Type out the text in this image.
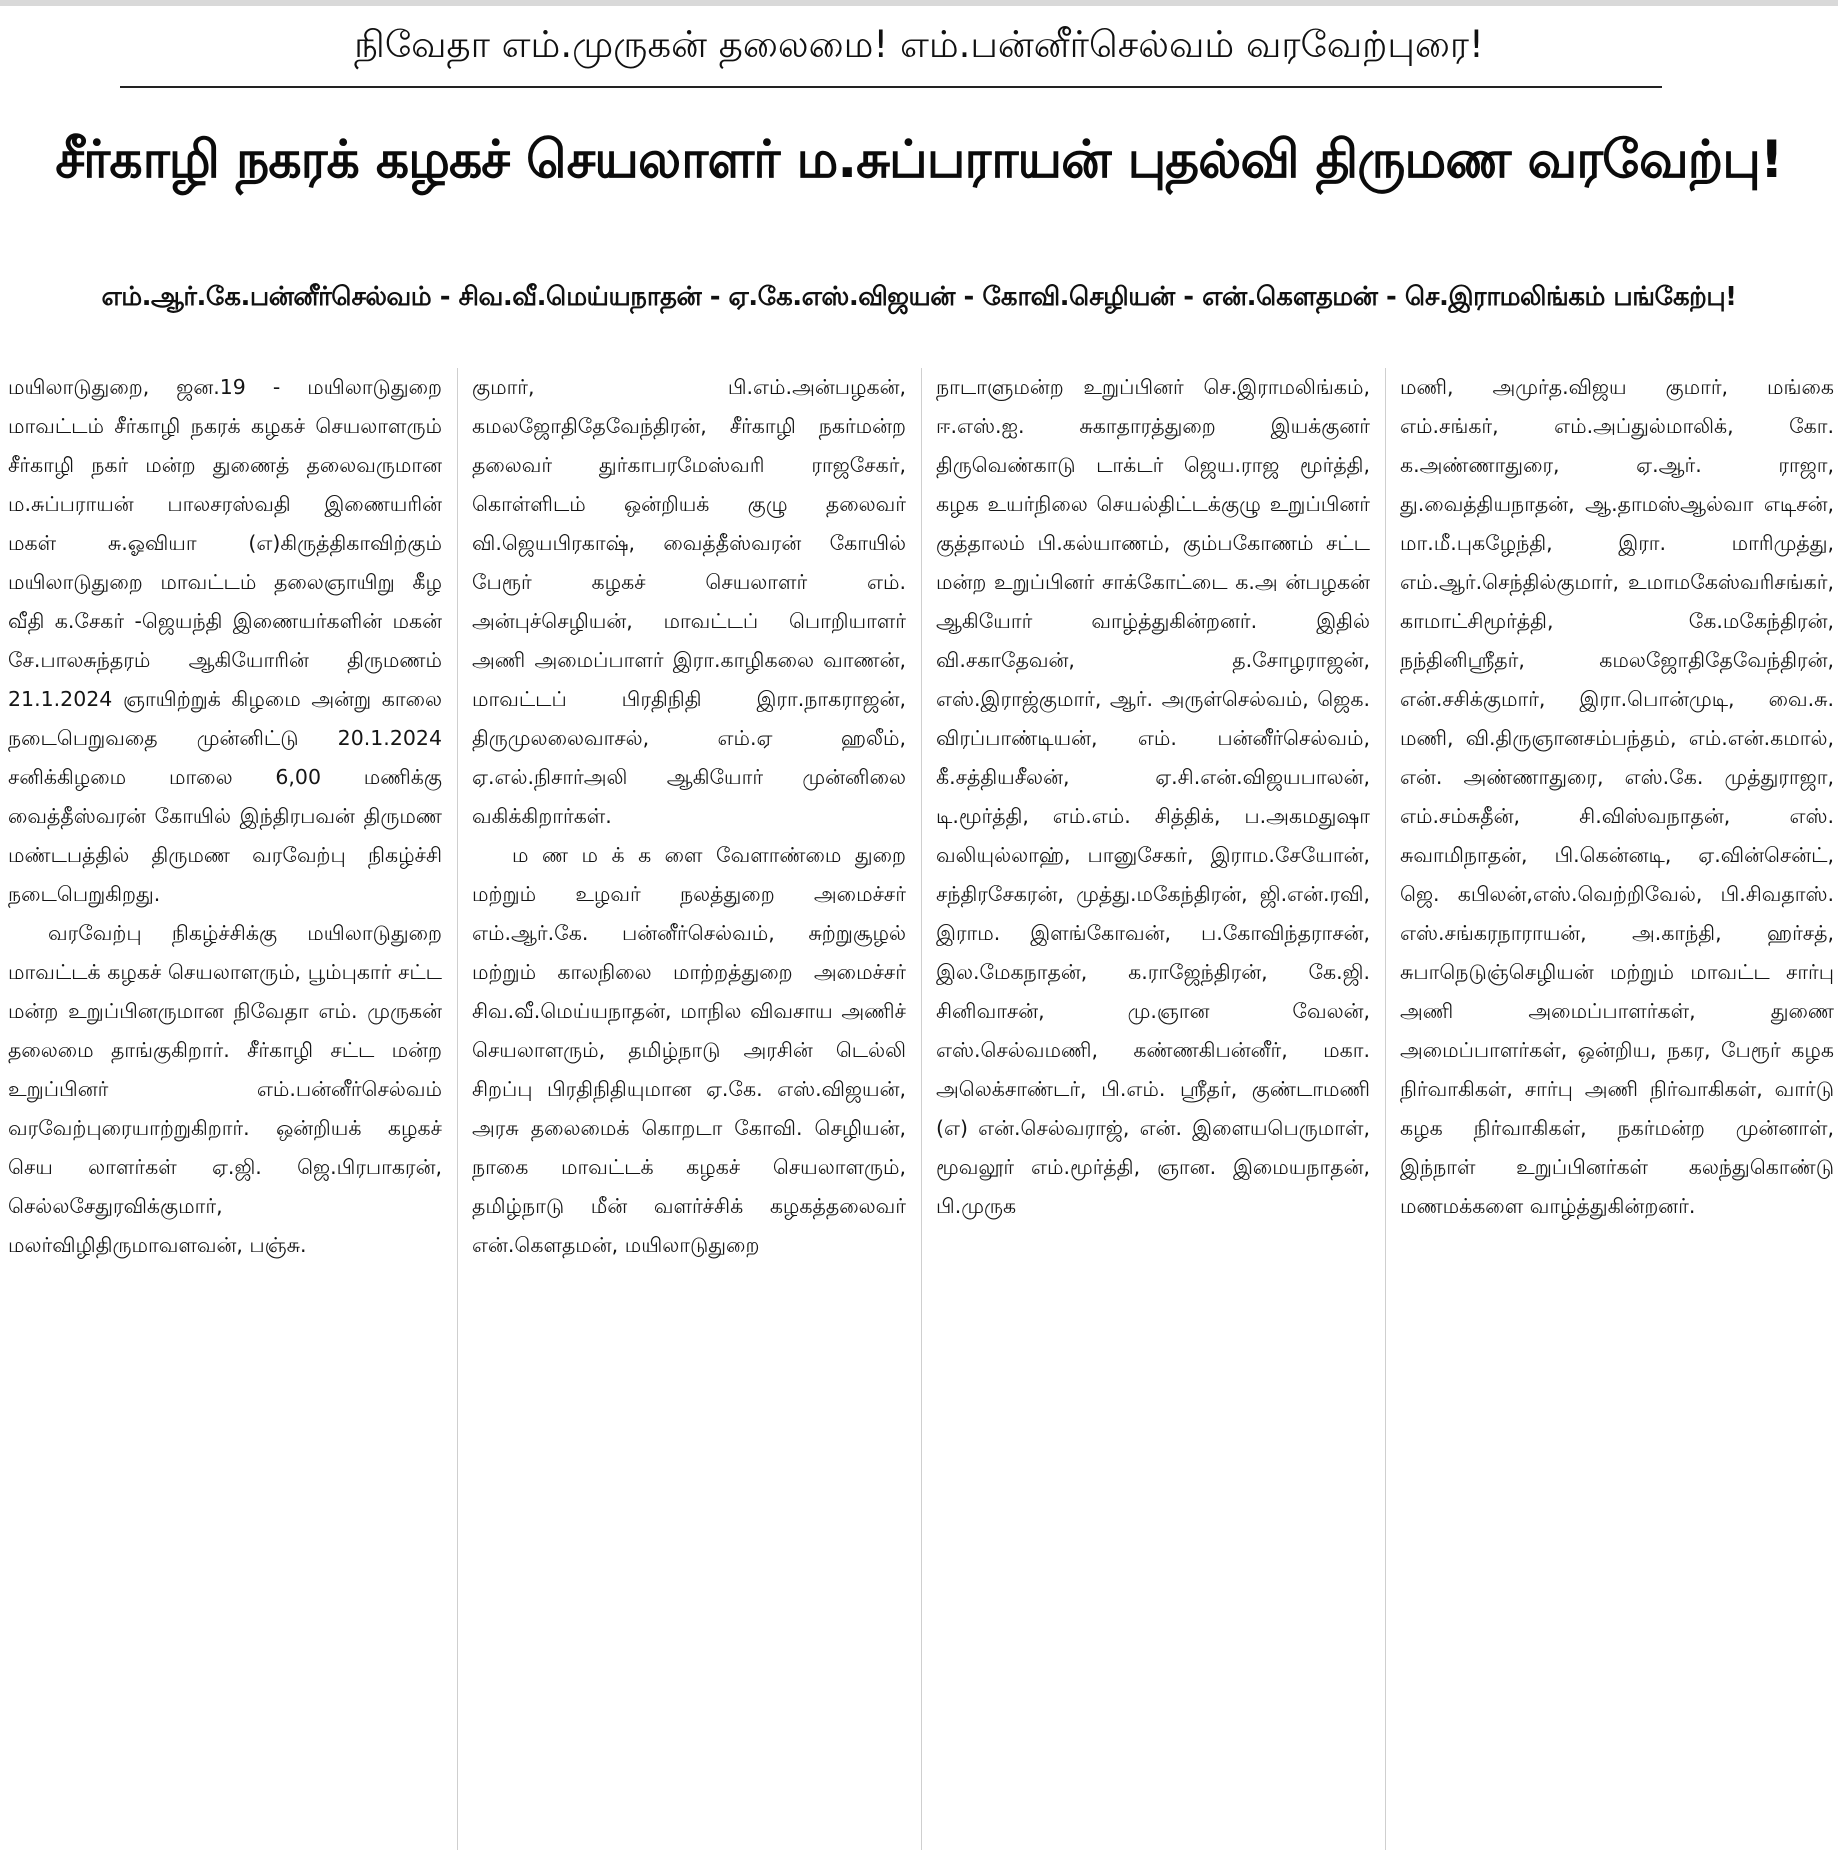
நிவேதா எம்.முருகன் தலைமை! எம்.பன்னீர்செல்வம் வரவேற்புரை!
சீர்காழி நகரக் கழகச் செயலாளர் ம.சுப்பராயன் புதல்வி திருமண வரவேற்பு!
எம்.ஆர்.கே.பன்னீர்செல்வம் - சிவ.வீ.மெய்யநாதன் - ஏ.கே.எஸ்.விஜயன் - கோவி.செழியன் - என்.கௌதமன் - செ.இராமலிங்கம் பங்கேற்பு!

மயிலாடுதுறை, ஜன.19 - மயிலாடுதுறை மாவட்டம் சீர்காழி நகரக் கழகச் செயலாளரும் சீர்காழி நகர் மன்ற துணைத் தலைவருமான ம.சுப்பராயன் பாலசரஸ்வதி இணையரின் மகள் சு.ஓவியா (எ)கிருத்திகாவிற்கும் மயிலாடுதுறை மாவட்டம் தலைஞாயிறு கீழ வீதி க.சேகர் -ஜெயந்தி இணையர்களின் மகன் சே.பாலசுந்தரம் ஆகியோரின் திருமணம் 21.1.2024 ஞாயிற்றுக் கிழமை அன்று காலை நடைபெறுவதை முன்னிட்டு 20.1.2024 சனிக்கிழமை மாலை 6,00 மணிக்கு வைத்தீஸ்வரன் கோயில் இந்திரபவன் திருமண மண்டபத்தில் திருமண வரவேற்பு நிகழ்ச்சி நடைபெறுகிறது.

வரவேற்பு நிகழ்ச்சிக்கு மயிலாடுதுறை மாவட்டக் கழகச் செயலாளரும், பூம்புகார் சட்ட மன்ற உறுப்பினருமான நிவேதா எம். முருகன் தலைமை தாங்குகிறார். சீர்காழி சட்ட மன்ற உறுப்பினர் எம்.பன்னீர்செல்வம் வரவேற்புரையாற்றுகிறார். ஒன்றியக் கழகச் செய லாளர்கள் ஏ.ஜி. ஜெ.பிரபாகரன், செல்லசேதுரவிக்குமார், மலர்விழிதிருமாவளவன், பஞ்சு.

குமார், பி.எம்.அன்பழகன், கமலஜோதிதேவேந்திரன், சீர்காழி நகர்மன்ற தலைவர் துர்காபரமேஸ்வரி ராஜசேகர், கொள்ளிடம் ஒன்றியக் குழு தலைவர் வி.ஜெயபிரகாஷ், வைத்தீஸ்வரன் கோயில் பேரூர் கழகச் செயலாளர் எம். அன்புச்செழியன், மாவட்டப் பொறியாளர் அணி அமைப்பாளர் இரா.காழிகலை வாணன், மாவட்டப் பிரதிநிதி இரா.நாகராஜன், திருமுலலைவாசல், எம்.ஏ ஹலீம், ஏ.எல்.நிசார்அலி ஆகியோர் முன்னிலை வகிக்கிறார்கள்.

ம ண ம க் க ளை வேளாண்மை துறை மற்றும் உழவர் நலத்துறை அமைச்சர் எம்.ஆர்.கே. பன்னீர்செல்வம், சுற்றுசூழல் மற்றும் காலநிலை மாற்றத்துறை அமைச்சர் சிவ.வீ.மெய்யநாதன், மாநில விவசாய அணிச் செயலாளரும், தமிழ்நாடு அரசின் டெல்லி சிறப்பு பிரதிநிதியுமான ஏ.கே. எஸ்.விஜயன், அரசு தலைமைக் கொறடா கோவி. செழியன், நாகை மாவட்டக் கழகச் செயலாளரும், தமிழ்நாடு மீன் வளர்ச்சிக் கழகத்தலைவர் என்.கௌதமன், மயிலாடுதுறை

நாடாளுமன்ற உறுப்பினர் செ.இராமலிங்கம், ஈ.எஸ்.ஐ. சுகாதாரத்துறை இயக்குனர் திருவெண்காடு டாக்டர் ஜெய.ராஜ மூர்த்தி, கழக உயர்நிலை செயல்திட்டக்குழு உறுப்பினர் குத்தாலம் பி.கல்யாணம், கும்பகோணம் சட்ட மன்ற உறுப்பினர் சாக்கோட்டை க.அ ன்பழகன் ஆகியோர் வாழ்த்துகின்றனர். இதில் வி.சகாதேவன், த.சோழராஜன், எஸ்.இராஜ்குமார், ஆர். அருள்செல்வம், ஜெக. விரப்பாண்டியன், எம். பன்னீர்செல்வம், கீ.சத்தியசீலன், ஏ.சி.என்.விஜயபாலன், டி.மூர்த்தி, எம்.எம். சித்திக், ப.அகமதுஷா வலியுல்லாஹ், பானுசேகர், இராம.சேயோன், சந்திரசேகரன், முத்து.மகேந்திரன், ஜி.என்.ரவி, இராம. இளங்கோவன், ப.கோவிந்தராசன், இல.மேகநாதன், க.ராஜேந்திரன், கே.ஜி. சினிவாசன், மு.ஞான வேலன், எஸ்.செல்வமணி, கண்ணகிபன்னீர், மகா. அலெக்சாண்டர், பி.எம். ஸ்ரீதர், குண்டாமணி (எ) என்.செல்வராஜ், என். இளையபெருமாள், மூவலூர் எம்.மூர்த்தி, ஞான. இமையநாதன், பி.முருக

மணி, அமுர்த.விஜய குமார், மங்கை எம்.சங்கர், எம்.அப்துல்மாலிக், கோ. க.அண்ணாதுரை, ஏ.ஆர். ராஜா, து.வைத்தியநாதன், ஆ.தாமஸ்ஆல்வா எடிசன், மா.மீ.புகழேந்தி, இரா. மாரிமுத்து, எம்.ஆர்.செந்தில்குமார், உமாமகேஸ்வரிசங்கர், காமாட்சிமூர்த்தி, கே.மகேந்திரன், நந்தினிஸ்ரீதர், கமலஜோதிதேவேந்திரன், என்.சசிக்குமார், இரா.பொன்முடி, வை.சு. மணி, வி.திருஞானசம்பந்தம், எம்.என்.கமால், என். அண்ணாதுரை, எஸ்.கே. முத்துராஜா, எம்.சம்சுதீன், சி.விஸ்வநாதன், எஸ். சுவாமிநாதன், பி.கென்னடி, ஏ.வின்சென்ட், ஜெ. கபிலன்,எஸ்.வெற்றிவேல், பி.சிவதாஸ். எஸ்.சங்கரநாராயன், அ.காந்தி, ஹர்சத், சுபாநெடுஞ்செழியன் மற்றும் மாவட்ட சார்பு அணி அமைப்பாளர்கள், துணை அமைப்பாளர்கள், ஒன்றிய, நகர, பேரூர் கழக நிர்வாகிகள், சார்பு அணி நிர்வாகிகள், வார்டு கழக நிர்வாகிகள், நகர்மன்ற முன்னாள், இந்நாள் உறுப்பினர்கள் கலந்துகொண்டு மணமக்களை வாழ்த்துகின்றனர்.
